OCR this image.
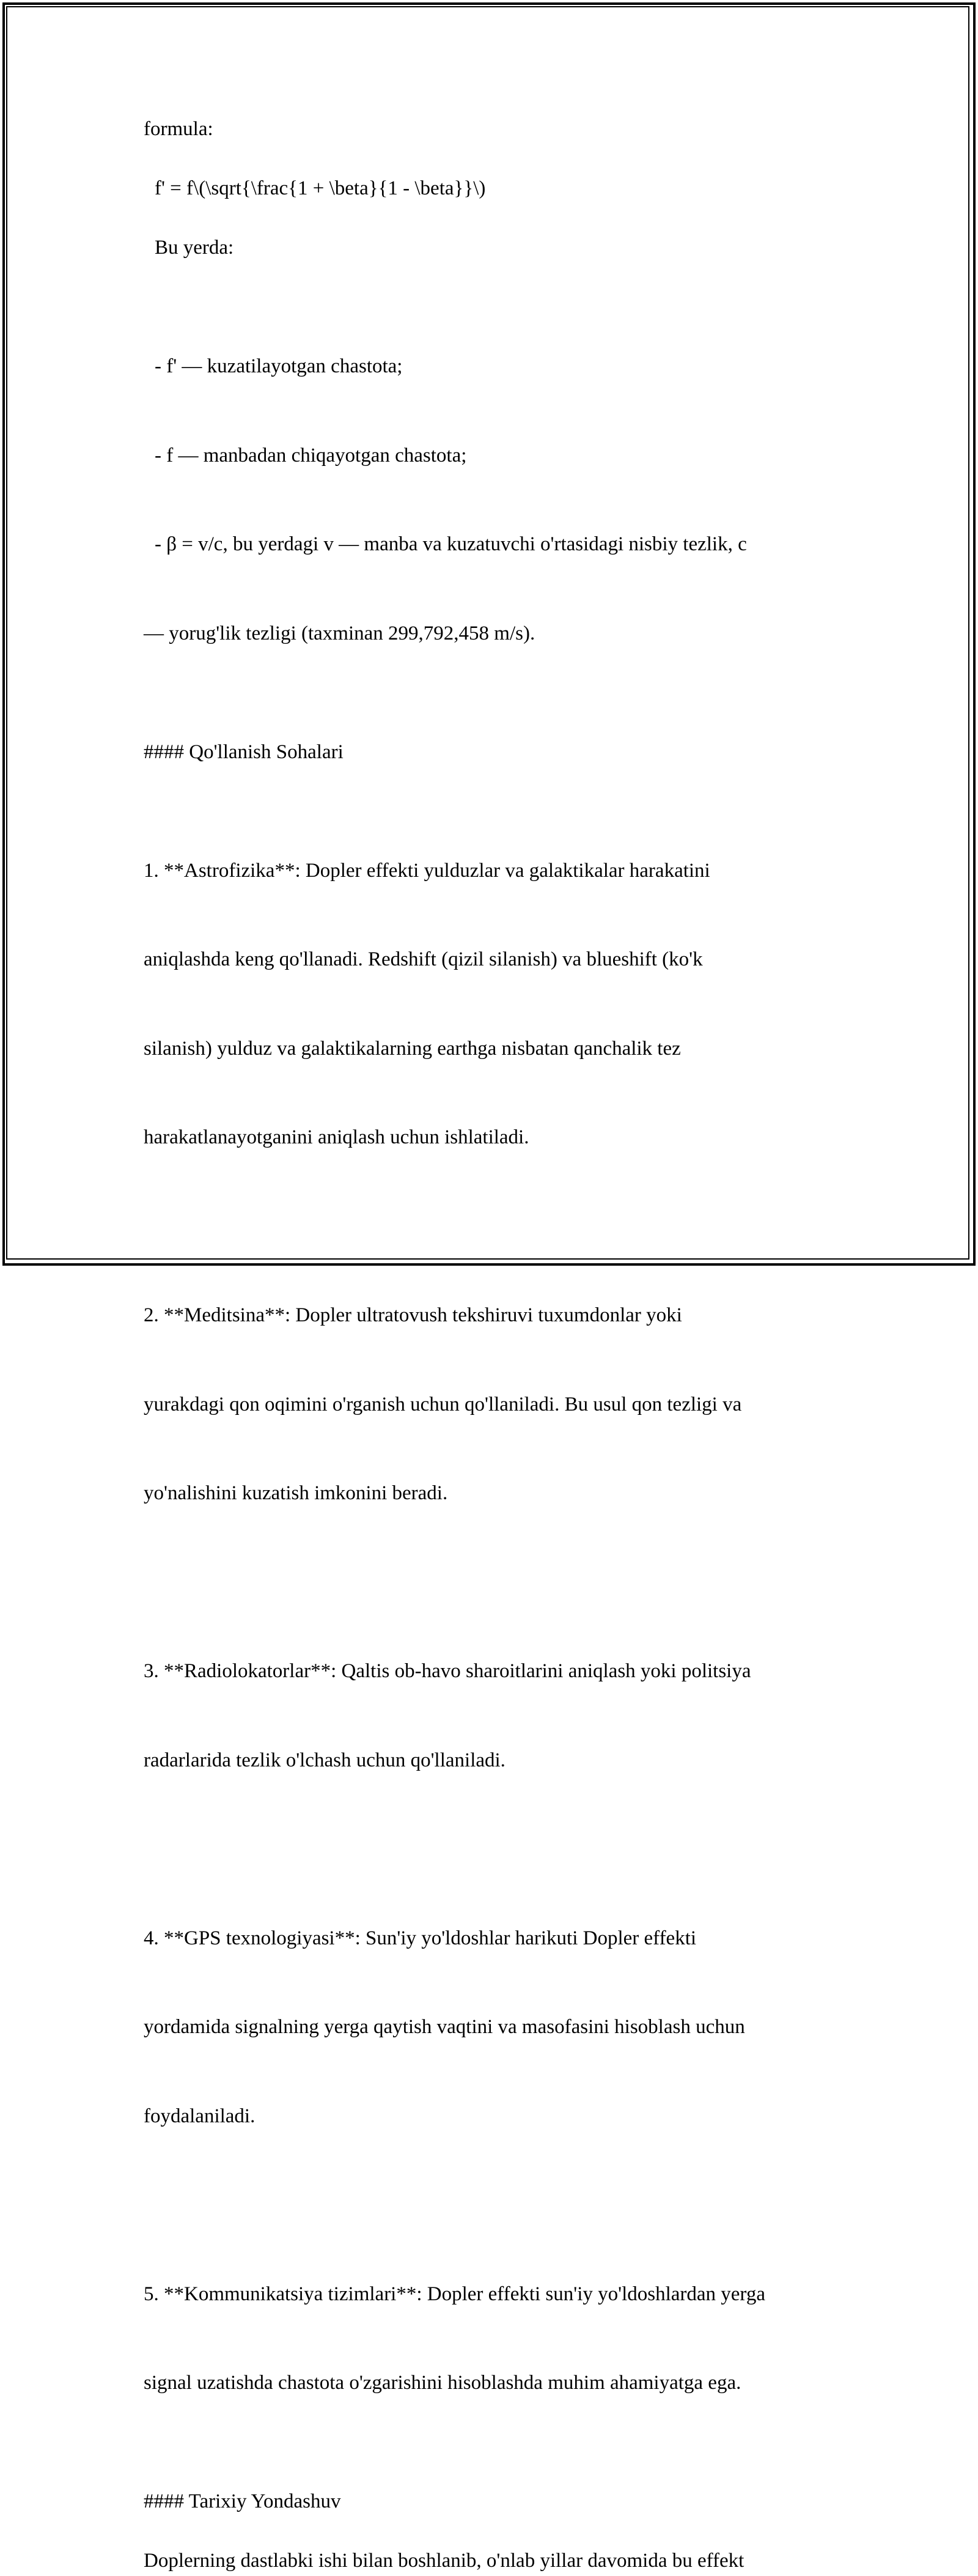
formula:
f' = f\(\sqrt{\frac{1 + \beta}{1 - \beta}}\)
Bu yerda:

- f' — kuzatilayotgan chastota;

- f — manbadan chiqayotgan chastota;

- β = v/c, bu yerdagi v — manba va kuzatuvchi o'rtasidagi nisbiy tezlik, c

— yorug'lik tezligi (taxminan 299,792,458 m/s).

#### Qo'llanish Sohalari

1. **Astrofizika**: Dopler effekti yulduzlar va galaktikalar harakatini

aniqlashda keng qo'llanadi. Redshift (qizil silanish) va blueshift (ko'k

silanish) yulduz va galaktikalarning earthga nisbatan qanchalik tez

harakatlanayotganini aniqlash uchun ishlatiladi.

2. **Meditsina**: Dopler ultratovush tekshiruvi tuxumdonlar yoki

yurakdagi qon oqimini o'rganish uchun qo'llaniladi. Bu usul qon tezligi va

yo'nalishini kuzatish imkonini beradi.

3. **Radiolokatorlar**: Qaltis ob-havo sharoitlarini aniqlash yoki politsiya

radarlarida tezlik o'lchash uchun qo'llaniladi.

4. **GPS texnologiyasi**: Sun'iy yo'ldoshlar harikuti Dopler effekti

yordamida signalning yerga qaytish vaqtini va masofasini hisoblash uchun

foydalaniladi.

5. **Kommunikatsiya tizimlari**: Dopler effekti sun'iy yo'ldoshlardan yerga

signal uzatishda chastota o'zgarishini hisoblashda muhim ahamiyatga ega.

#### Tarixiy Yondashuv
Doplerning dastlabki ishi bilan boshlanib, o'nlab yillar davomida bu effekt
